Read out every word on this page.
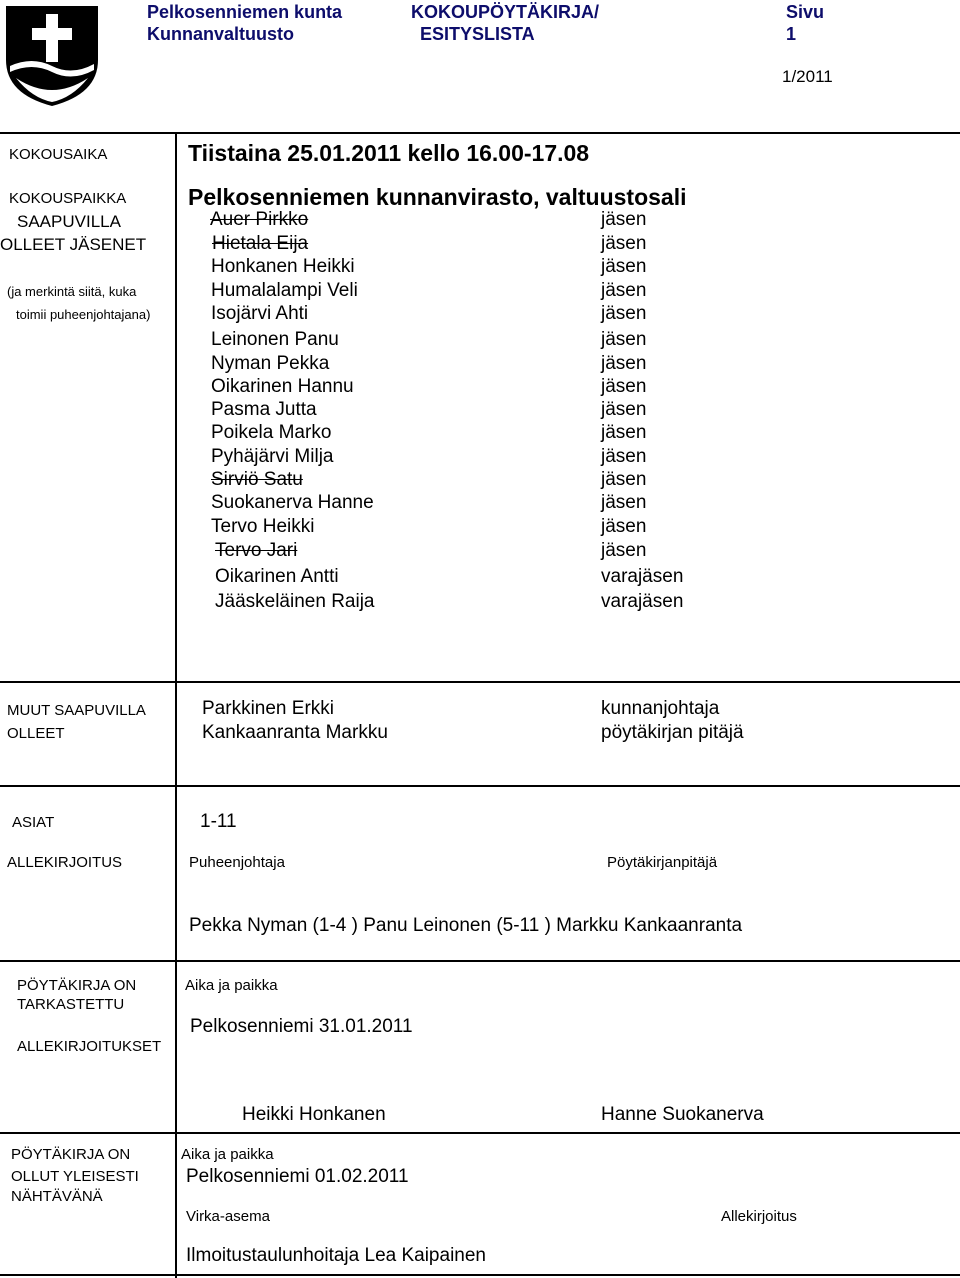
Pelkosenniemen kunta
Kunnanvaltuusto
KOKOUPÖYTÄKIRJA/
ESITYSLISTA
Sivu
1
1/2011
KOKOUSAIKA	Tiistaina 25.01.2011 kello 16.00-17.08
KOKOUSPAIKKA	Pelkosenniemen kunnanvirasto, valtuustosali
SAAPUVILLA
OLLEET JÄSENET
(ja merkintä siitä, kuka
toimii puheenjohtajana)
Auer Pirkko	jäsen
Hietala Eija	jäsen
Honkanen Heikki	jäsen
Humalalampi Veli	jäsen
Isojärvi Ahti	jäsen
Leinonen Panu	jäsen
Nyman Pekka	jäsen
Oikarinen Hannu	jäsen
Pasma Jutta	jäsen
Poikela Marko	jäsen
Pyhäjärvi Milja	jäsen
Sirviö Satu	jäsen
Suokanerva Hanne	jäsen
Tervo Heikki	jäsen
Tervo Jari	jäsen
Oikarinen Antti	varajäsen
Jääskeläinen Raija	varajäsen
MUUT SAAPUVILLA
OLLEET
Parkkinen Erkki	kunnanjohtaja
Kankaanranta Markku	pöytäkirjan pitäjä
ASIAT	1-11
ALLEKIRJOITUS	Puheenjohtaja	Pöytäkirjanpitäjä
Pekka Nyman (1-4 ) Panu Leinonen (5-11 ) Markku Kankaanranta
PÖYTÄKIRJA ON
TARKASTETTU
ALLEKIRJOITUKSET
Aika ja paikka
Pelkosenniemi 31.01.2011
Heikki Honkanen	Hanne Suokanerva
PÖYTÄKIRJA ON
OLLUT YLEISESTI
NÄHTÄVÄNÄ
Aika ja paikka
Pelkosenniemi 01.02.2011
Virka-asema	Allekirjoitus
Ilmoitustaulunhoitaja Lea Kaipainen
